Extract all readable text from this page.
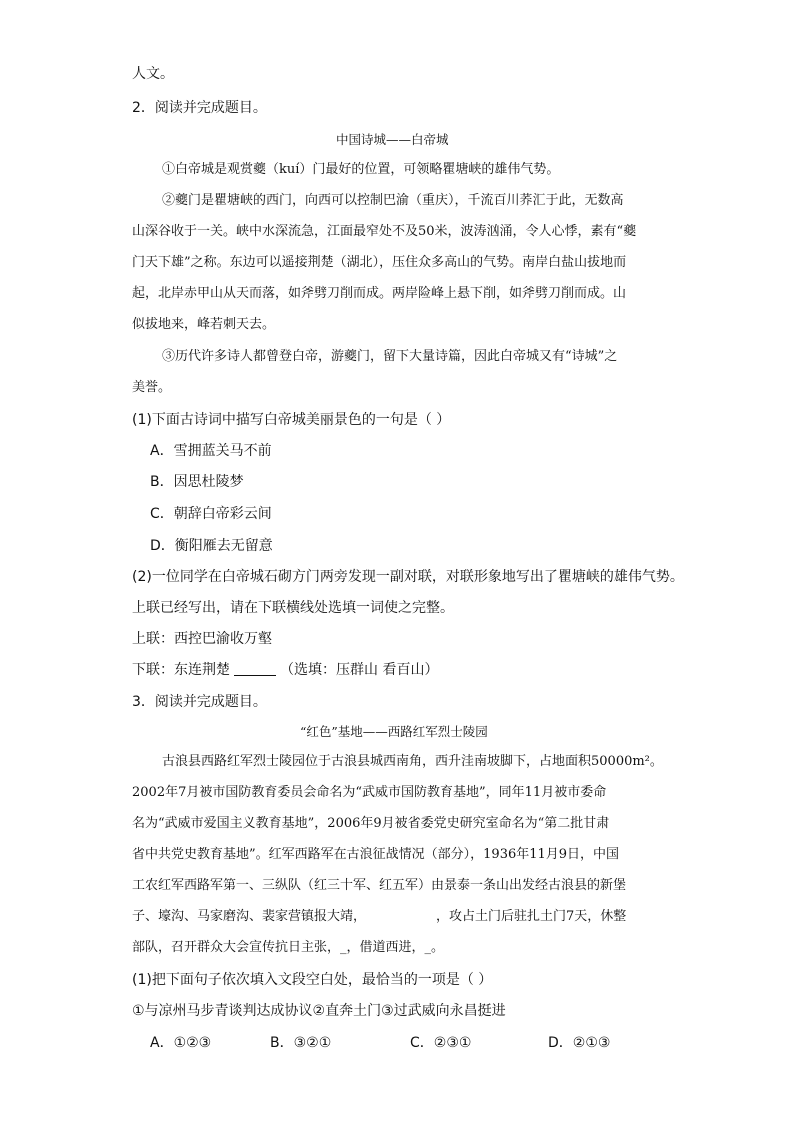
人文。
2．阅读并完成题目。
中国诗城——白帝城
①白帝城是观赏夔（kuí）门最好的位置，可领略瞿塘峡的雄伟气势。
②夔门是瞿塘峡的西门，向西可以控制巴渝（重庆），千流百川荞汇于此，无数高
山深谷收于一关。峡中水深流急，江面最窄处不及50米，波涛汹涌，令人心悸，素有“夔
门天下雄”之称。东边可以遥接荆楚（湖北），压住众多高山的气势。南岸白盐山拔地而
起，北岸赤甲山从天而落，如斧劈刀削而成。两岸险峰上悬下削，如斧劈刀削而成。山
似拔地来，峰若刺天去。
③历代许多诗人都曾登白帝，游夔门，留下大量诗篇，因此白帝城又有“诗城”之
美誉。
(1)下面古诗词中描写白帝城美丽景色的一句是（ ）
A．雪拥蓝关马不前
B．因思杜陵梦
C．朝辞白帝彩云间
D．衡阳雁去无留意
(2)一位同学在白帝城石砌方门两旁发现一副对联，对联形象地写出了瞿塘峡的雄伟气势。
上联已经写出，请在下联横线处选填一词使之完整。
上联：西控巴渝收万壑
下联：东连荆楚	（选填：压群山 看百山）
3．阅读并完成题目。
“红色”基地——西路红军烈士陵园
古浪县西路红军烈士陵园位于古浪县城西南角，西升洼南坡脚下，占地面积50000m²。
2002年7月被市国防教育委员会命名为“武威市国防教育基地”，同年11月被市委命
名为“武威市爱国主义教育基地”，2006年9月被省委党史研究室命名为“第二批甘肃
省中共党史教育基地”。红军西路军在古浪征战情况（部分），1936年11月9日，中国
工农红军西路军第一、三纵队（红三十军、红五军）由景泰一条山出发经古浪县的新堡
子、壕沟、马家磨沟、裴家营镇报大靖，	，攻占土门后驻扎土门7天，休整
部队，召开群众大会宣传抗日主张，_，借道西进，_。
(1)把下面句子依次填入文段空白处，最恰当的一项是（ ）
①与凉州马步青谈判达成协议②直奔土门③过武威向永昌挺进
A．①②③	B．③②①	C．②③①	D．②①③
